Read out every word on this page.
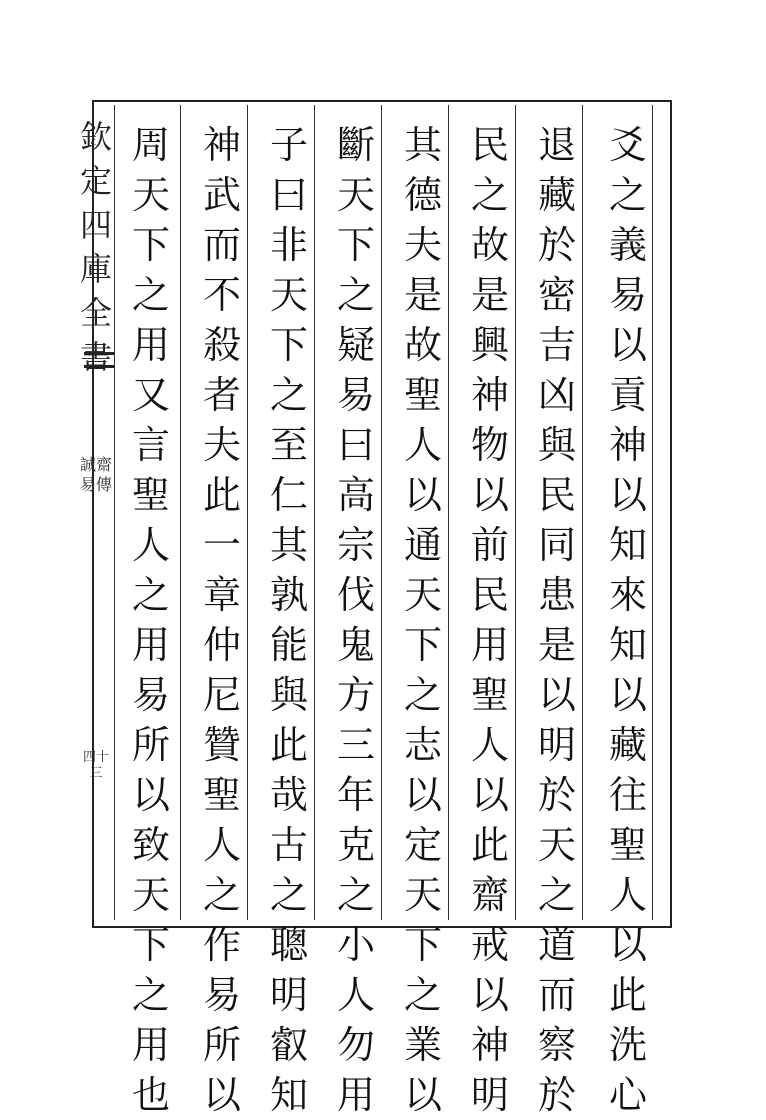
欽定四庫全書
誠齋易傳
四十三
爻之義易以貢神以知來知以藏往聖人以此洗心
退藏於密吉凶與民同患是以明於天之道而察於
民之故是興神物以前民用聖人以此齋戒以神明
其德夫是故聖人以通天下之志以定天下之業以
斷天下之疑易曰高宗伐鬼方三年克之小人勿用
子曰非天下之至仁其孰能與此哉古之聰明叡知
神武而不殺者夫此一章仲尼贊聖人之作易所以
周天下之用又言聖人之用易所以致天下之用也
